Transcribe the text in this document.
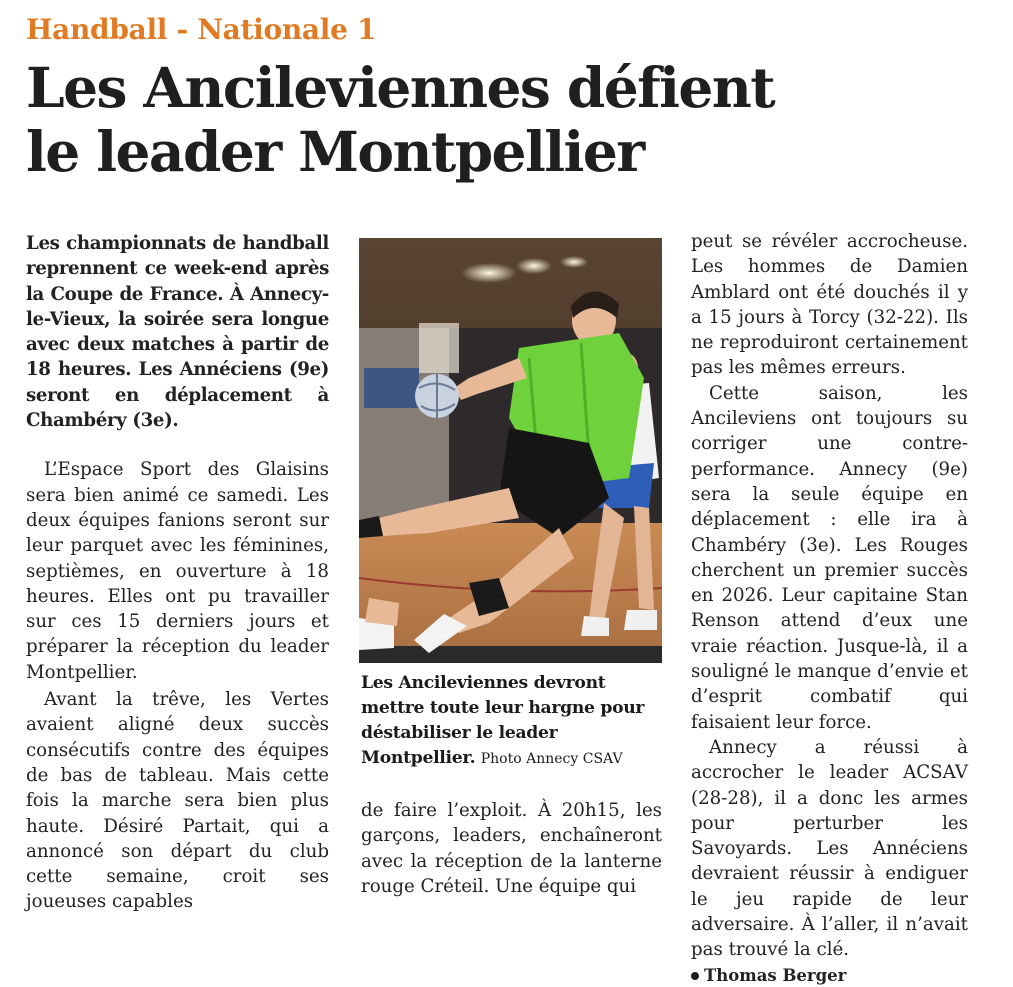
Handball - Nationale 1
Les Ancileviennes défient
le leader Montpellier

Les championnats de handball reprennent ce week-end après la Coupe de France. À Annecy-le-Vieux, la soirée sera longue avec deux matches à partir de 18 heures. Les Annéciens (9e) seront en déplacement à Chambéry (3e).

L’Espace Sport des Glaisins sera bien animé ce samedi. Les deux équipes fanions seront sur leur parquet avec les féminines, septièmes, en ouverture à 18 heures. Elles ont pu travailler sur ces 15 derniers jours et préparer la réception du leader Montpellier.

Avant la trêve, les Vertes avaient aligné deux succès consécutifs contre des équipes de bas de tableau. Mais cette fois la marche sera bien plus haute. Désiré Partait, qui a annoncé son départ du club cette semaine, croit ses joueuses capables

Les Ancileviennes devront mettre toute leur hargne pour déstabiliser le leader Montpellier. Photo Annecy CSAV

de faire l’exploit. À 20h15, les garçons, leaders, enchaîneront avec la réception de la lanterne rouge Créteil. Une équipe qui

peut se révéler accrocheuse. Les hommes de Damien Amblard ont été douchés il y a 15 jours à Torcy (32-22). Ils ne reproduiront certainement pas les mêmes erreurs.

Cette saison, les Ancileviens ont toujours su corriger une contre-performance. Annecy (9e) sera la seule équipe en déplacement : elle ira à Chambéry (3e). Les Rouges cherchent un premier succès en 2026. Leur capitaine Stan Renson attend d’eux une vraie réaction. Jusque-là, il a souligné le manque d’envie et d’esprit combatif qui faisaient leur force.

Annecy a réussi à accrocher le leader ACSAV (28-28), il a donc les armes pour perturber les Savoyards. Les Annéciens devraient réussir à endiguer le jeu rapide de leur adversaire. À l’aller, il n’avait pas trouvé la clé.

Thomas Berger
